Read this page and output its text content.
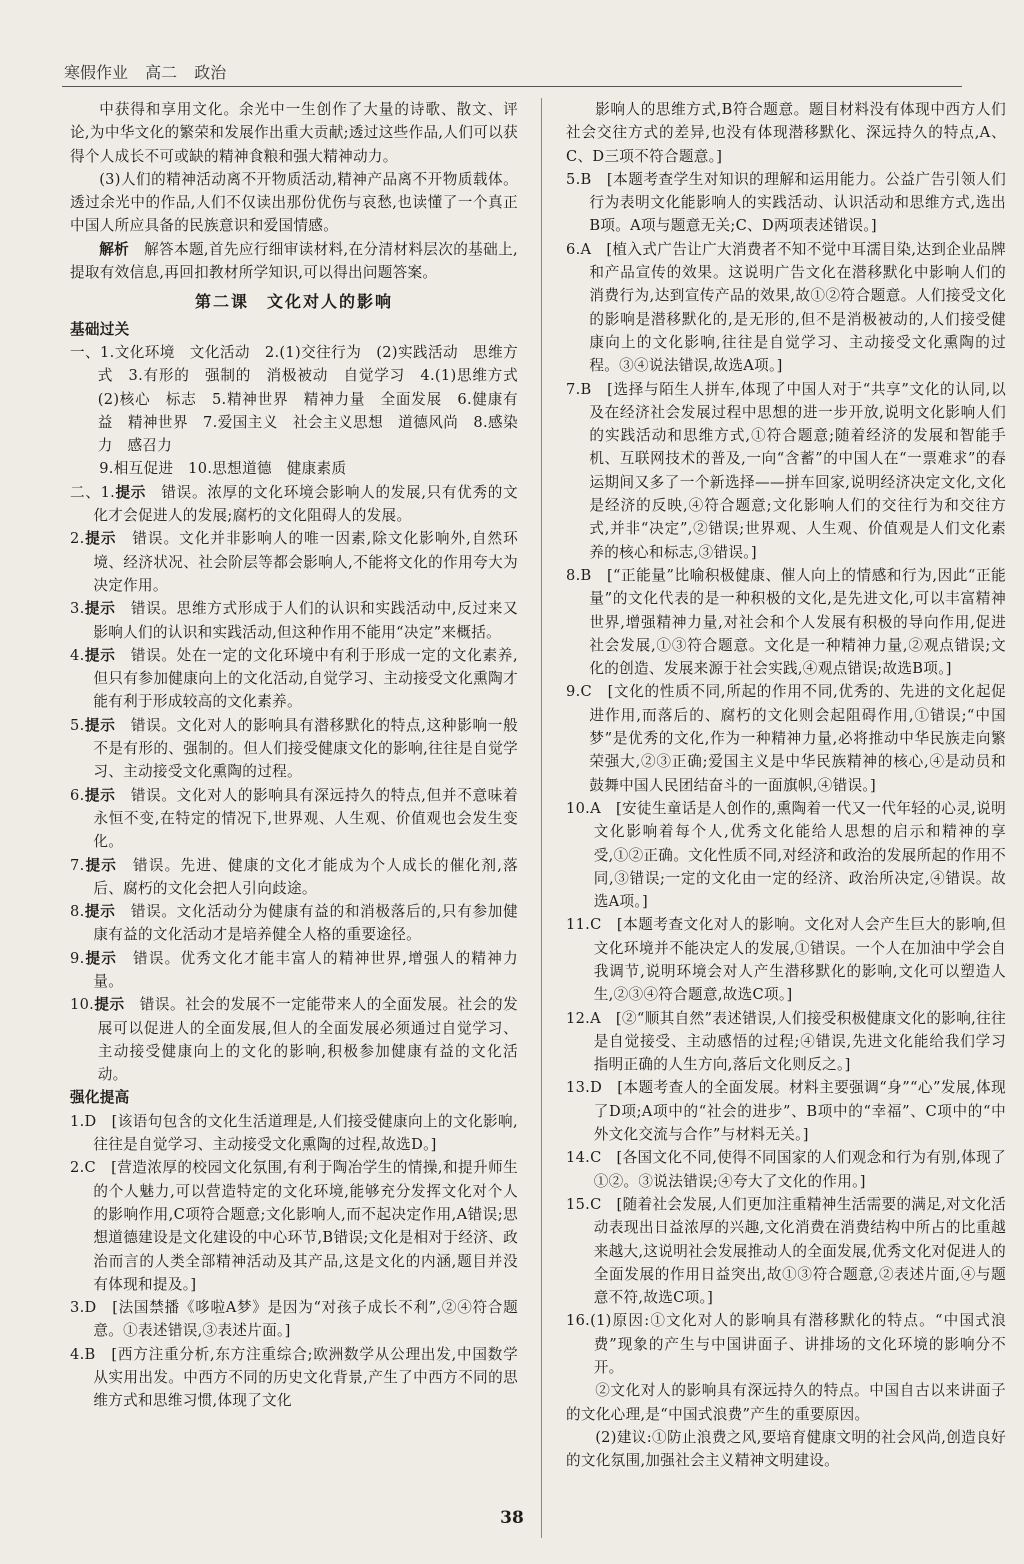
寒假作业 高二 政治

中获得和享用文化。余光中一生创作了大量的诗歌、散文、评论,为中华文化的繁荣和发展作出重大贡献;透过这些作品,人们可以获得个人成长不可或缺的精神食粮和强大精神动力。

(3)人们的精神活动离不开物质活动,精神产品离不开物质载体。透过余光中的作品,人们不仅读出那份优伤与哀愁,也读懂了一个真正中国人所应具备的民族意识和爱国情感。

解析　 解答本题,首先应行细审读材料,在分清材料层次的基础上,提取有效信息,再回扣教材所学知识,可以得出问题答案。

第二课　文化对人的影响
基础过关

一、1.文化环境　文化活动　2.(1)交往行为　(2)实践活动　思维方式　3.有形的　强制的　消极被动　自觉学习　4.(1)思维方式　(2)核心　标志　5.精神世界　精神力量　全面发展　6.健康有益　精神世界　7.爱国主义　社会主义思想　道德风尚　8.感染力　感召力

9.相互促进　10.思想道德　健康素质

二、1.提示　 错误。浓厚的文化环境会影响人的发展,只有优秀的文化才会促进人的发展;腐朽的文化阻碍人的发展。

2.提示　 错误。文化并非影响人的唯一因素,除文化影响外,自然环境、经济状况、社会阶层等都会影响人,不能将文化的作用夸大为决定作用。

3.提示　 错误。思维方式形成于人们的认识和实践活动中,反过来又影响人们的认识和实践活动,但这种作用不能用“决定”来概括。

4.提示　 错误。处在一定的文化环境中有利于形成一定的文化素养,但只有参加健康向上的文化活动,自觉学习、主动接受文化熏陶才能有利于形成较高的文化素养。

5.提示　 错误。文化对人的影响具有潜移默化的特点,这种影响一般不是有形的、强制的。但人们接受健康文化的影响,往往是自觉学习、主动接受文化熏陶的过程。

6.提示　 错误。文化对人的影响具有深远持久的特点,但并不意味着永恒不变,在特定的情况下,世界观、人生观、价值观也会发生变化。

7.提示　 错误。先进、健康的文化才能成为个人成长的催化剂,落后、腐朽的文化会把人引向歧途。

8.提示　 错误。文化活动分为健康有益的和消极落后的,只有参加健康有益的文化活动才是培养健全人格的重要途径。

9.提示　 错误。优秀文化才能丰富人的精神世界,增强人的精神力量。

10.提示　 错误。社会的发展不一定能带来人的全面发展。社会的发展可以促进人的全面发展,但人的全面发展必须通过自觉学习、主动接受健康向上的文化的影响,积极参加健康有益的文化活动。

强化提高

1.D　[该语句包含的文化生活道理是,人们接受健康向上的文化影响,往往是自觉学习、主动接受文化熏陶的过程,故选D。]

2.C　[营造浓厚的校园文化氛围,有利于陶冶学生的情操,和提升师生的个人魅力,可以营造特定的文化环境,能够充分发挥文化对个人的影响作用,C项符合题意;文化影响人,而不起决定作用,A错误;思想道德建设是文化建设的中心环节,B错误;文化是相对于经济、政治而言的人类全部精神活动及其产品,这是文化的内涵,题目并没有体现和提及。]

3.D　[法国禁播《哆啦A梦》是因为“对孩子成长不利”,②④符合题意。①表述错误,③表述片面。]

4.B　[西方注重分析,东方注重综合;欧洲数学从公理出发,中国数学从实用出发。中西方不同的历史文化背景,产生了中西方不同的思维方式和思维习惯,体现了文化

影响人的思维方式,B符合题意。题目材料没有体现中西方人们社会交往方式的差异,也没有体现潜移默化、深远持久的特点,A、C、D三项不符合题意。]

5.B　[本题考查学生对知识的理解和运用能力。公益广告引领人们行为表明文化能影响人的实践活动、认识活动和思维方式,选出B项。A项与题意无关;C、D两项表述错误。]

6.A　[植入式广告让广大消费者不知不觉中耳濡目染,达到企业品牌和产品宣传的效果。这说明广告文化在潜移默化中影响人们的消费行为,达到宣传产品的效果,故①②符合题意。人们接受文化的影响是潜移默化的,是无形的,但不是消极被动的,人们接受健康向上的文化影响,往往是自觉学习、主动接受文化熏陶的过程。③④说法错误,故选A项。]

7.B　[选择与陌生人拼车,体现了中国人对于“共享”文化的认同,以及在经济社会发展过程中思想的进一步开放,说明文化影响人们的实践活动和思维方式,①符合题意;随着经济的发展和智能手机、互联网技术的普及,一向“含蓄”的中国人在“一票难求”的春运期间又多了一个新选择——拼车回家,说明经济决定文化,文化是经济的反映,④符合题意;文化影响人们的交往行为和交往方式,并非“决定”,②错误;世界观、人生观、价值观是人们文化素养的核心和标志,③错误。]

8.B　[“正能量”比喻积极健康、催人向上的情感和行为,因此“正能量”的文化代表的是一种积极的文化,是先进文化,可以丰富精神世界,增强精神力量,对社会和个人发展有积极的导向作用,促进社会发展,①③符合题意。文化是一种精神力量,②观点错误;文化的创造、发展来源于社会实践,④观点错误;故选B项。]

9.C　[文化的性质不同,所起的作用不同,优秀的、先进的文化起促进作用,而落后的、腐朽的文化则会起阻碍作用,①错误;“中国梦”是优秀的文化,作为一种精神力量,必将推动中华民族走向繁荣强大,②③正确;爱国主义是中华民族精神的核心,④是动员和鼓舞中国人民团结奋斗的一面旗帜,④错误。]

10.A　[安徒生童话是人创作的,熏陶着一代又一代年轻的心灵,说明文化影响着每个人,优秀文化能给人思想的启示和精神的享受,①②正确。文化性质不同,对经济和政治的发展所起的作用不同,③错误;一定的文化由一定的经济、政治所决定,④错误。故选A项。]

11.C　[本题考查文化对人的影响。文化对人会产生巨大的影响,但文化环境并不能决定人的发展,①错误。一个人在加油中学会自我调节,说明环境会对人产生潜移默化的影响,文化可以塑造人生,②③④符合题意,故选C项。]

12.A　[②“顺其自然”表述错误,人们接受积极健康文化的影响,往往是自觉接受、主动感悟的过程;④错误,先进文化能给我们学习指明正确的人生方向,落后文化则反之。]

13.D　[本题考查人的全面发展。材料主要强调“身”“心”发展,体现了D项;A项中的“社会的进步”、B项中的“幸福”、C项中的“中外文化交流与合作”与材料无关。]

14.C　[各国文化不同,使得不同国家的人们观念和行为有别,体现了①②。③说法错误;④夸大了文化的作用。]

15.C　[随着社会发展,人们更加注重精神生活需要的满足,对文化活动表现出日益浓厚的兴趣,文化消费在消费结构中所占的比重越来越大,这说明社会发展推动人的全面发展,优秀文化对促进人的全面发展的作用日益突出,故①③符合题意,②表述片面,④与题意不符,故选C项。]

16.(1)原因:①文化对人的影响具有潜移默化的特点。“中国式浪费”现象的产生与中国讲面子、讲排场的文化环境的影响分不开。

②文化对人的影响具有深远持久的特点。中国自古以来讲面子的文化心理,是“中国式浪费”产生的重要原因。

(2)建议:①防止浪费之风,要培育健康文明的社会风尚,创造良好的文化氛围,加强社会主义精神文明建设。

38
